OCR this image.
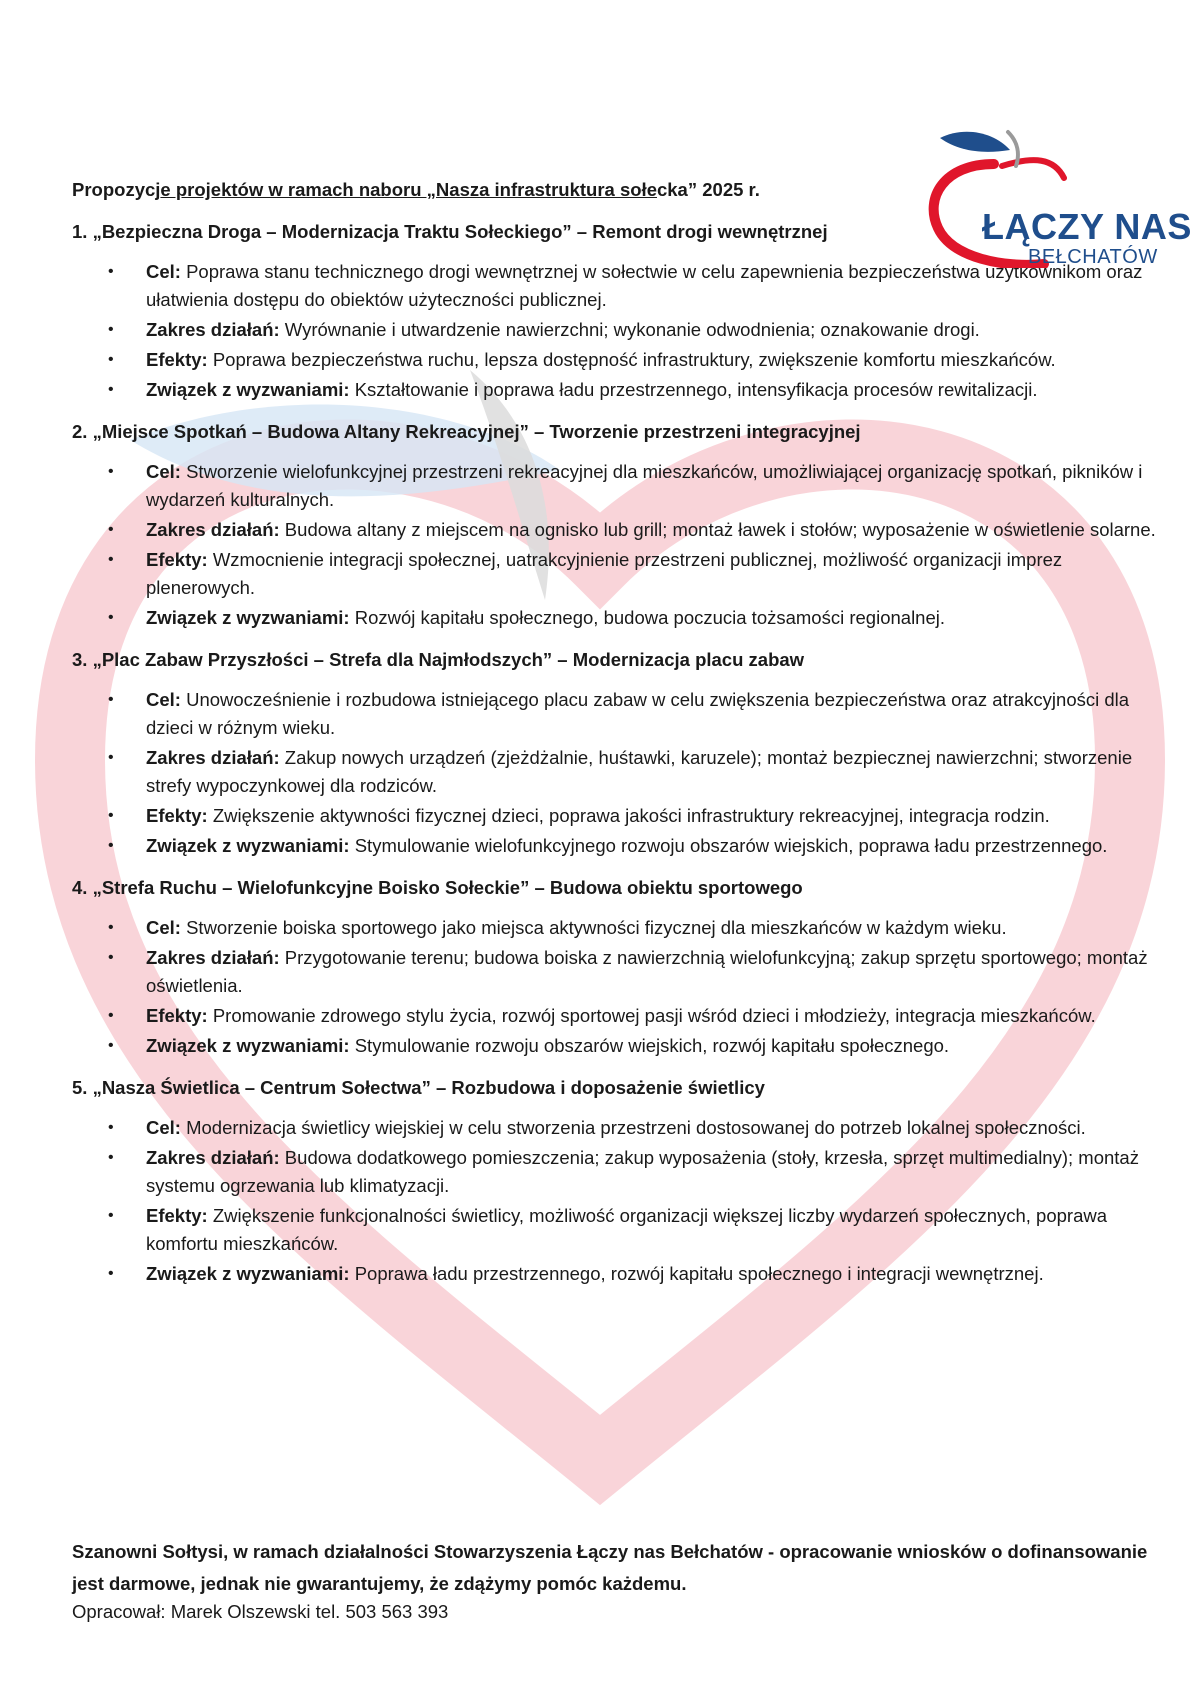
ŁĄCZY NAS
BEŁCHATÓW
Propozycje projektów w ramach naboru „Nasza infrastruktura sołecka” 2025 r.
1. „Bezpieczna Droga – Modernizacja Traktu Sołeckiego” – Remont drogi wewnętrznej
• Cel: Poprawa stanu technicznego drogi wewnętrznej w sołectwie w celu zapewnienia bezpieczeństwa użytkownikom oraz ułatwienia dostępu do obiektów użyteczności publicznej.
• Zakres działań: Wyrównanie i utwardzenie nawierzchni; wykonanie odwodnienia; oznakowanie drogi.
• Efekty: Poprawa bezpieczeństwa ruchu, lepsza dostępność infrastruktury, zwiększenie komfortu mieszkańców.
• Związek z wyzwaniami: Kształtowanie i poprawa ładu przestrzennego, intensyfikacja procesów rewitalizacji.
2. „Miejsce Spotkań – Budowa Altany Rekreacyjnej” – Tworzenie przestrzeni integracyjnej
• Cel: Stworzenie wielofunkcyjnej przestrzeni rekreacyjnej dla mieszkańców, umożliwiającej organizację spotkań, pikników i wydarzeń kulturalnych.
• Zakres działań: Budowa altany z miejscem na ognisko lub grill; montaż ławek i stołów; wyposażenie w oświetlenie solarne.
• Efekty: Wzmocnienie integracji społecznej, uatrakcyjnienie przestrzeni publicznej, możliwość organizacji imprez plenerowych.
• Związek z wyzwaniami: Rozwój kapitału społecznego, budowa poczucia tożsamości regionalnej.
3. „Plac Zabaw Przyszłości – Strefa dla Najmłodszych” – Modernizacja placu zabaw
• Cel: Unowocześnienie i rozbudowa istniejącego placu zabaw w celu zwiększenia bezpieczeństwa oraz atrakcyjności dla dzieci w różnym wieku.
• Zakres działań: Zakup nowych urządzeń (zjeżdżalnie, huśtawki, karuzele); montaż bezpiecznej nawierzchni; stworzenie strefy wypoczynkowej dla rodziców.
• Efekty: Zwiększenie aktywności fizycznej dzieci, poprawa jakości infrastruktury rekreacyjnej, integracja rodzin.
• Związek z wyzwaniami: Stymulowanie wielofunkcyjnego rozwoju obszarów wiejskich, poprawa ładu przestrzennego.
4. „Strefa Ruchu – Wielofunkcyjne Boisko Sołeckie” – Budowa obiektu sportowego
• Cel: Stworzenie boiska sportowego jako miejsca aktywności fizycznej dla mieszkańców w każdym wieku.
• Zakres działań: Przygotowanie terenu; budowa boiska z nawierzchnią wielofunkcyjną; zakup sprzętu sportowego; montaż oświetlenia.
• Efekty: Promowanie zdrowego stylu życia, rozwój sportowej pasji wśród dzieci i młodzieży, integracja mieszkańców.
• Związek z wyzwaniami: Stymulowanie rozwoju obszarów wiejskich, rozwój kapitału społecznego.
5. „Nasza Świetlica – Centrum Sołectwa” – Rozbudowa i doposażenie świetlicy
• Cel: Modernizacja świetlicy wiejskiej w celu stworzenia przestrzeni dostosowanej do potrzeb lokalnej społeczności.
• Zakres działań: Budowa dodatkowego pomieszczenia; zakup wyposażenia (stoły, krzesła, sprzęt multimedialny); montaż systemu ogrzewania lub klimatyzacji.
• Efekty: Zwiększenie funkcjonalności świetlicy, możliwość organizacji większej liczby wydarzeń społecznych, poprawa komfortu mieszkańców.
• Związek z wyzwaniami: Poprawa ładu przestrzennego, rozwój kapitału społecznego i integracji wewnętrznej.
Szanowni Sołtysi, w ramach działalności Stowarzyszenia Łączy nas Bełchatów - opracowanie wniosków o dofinansowanie jest darmowe, jednak nie gwarantujemy, że zdążymy pomóc każdemu.
Opracował: Marek Olszewski tel. 503 563 393
